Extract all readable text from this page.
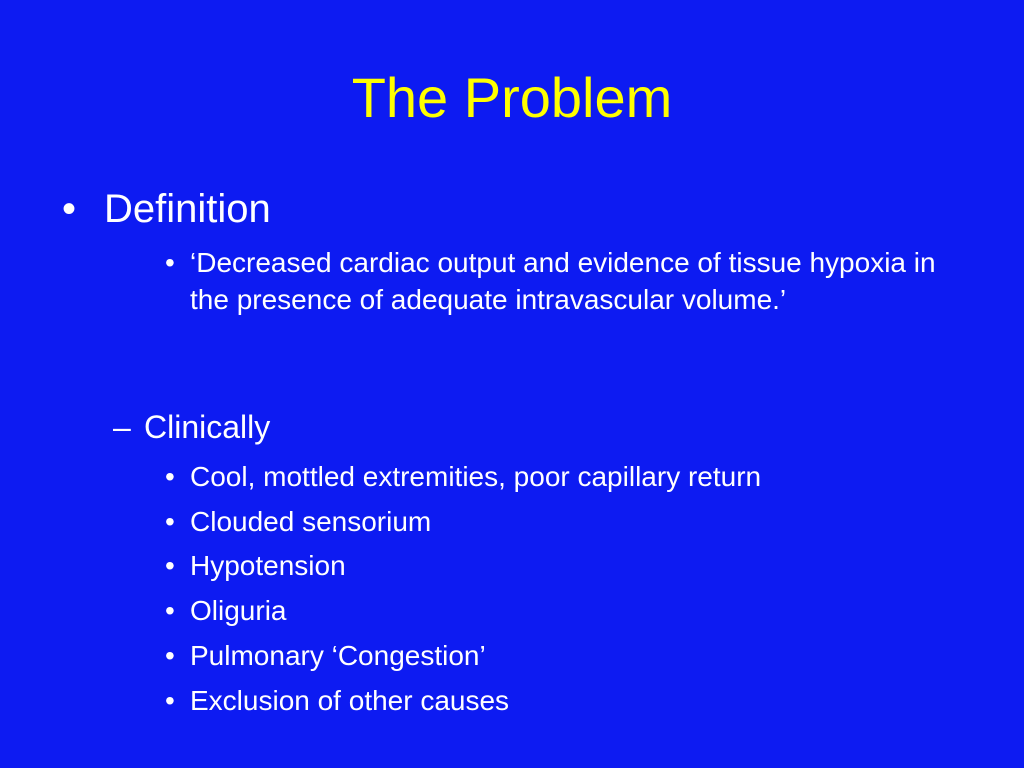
The Problem
• Definition
• ‘Decreased cardiac output and evidence of tissue hypoxia in the presence of adequate intravascular volume.’
– Clinically
• Cool, mottled extremities, poor capillary return
• Clouded sensorium
• Hypotension
• Oliguria
• Pulmonary ‘Congestion’
• Exclusion of other causes
